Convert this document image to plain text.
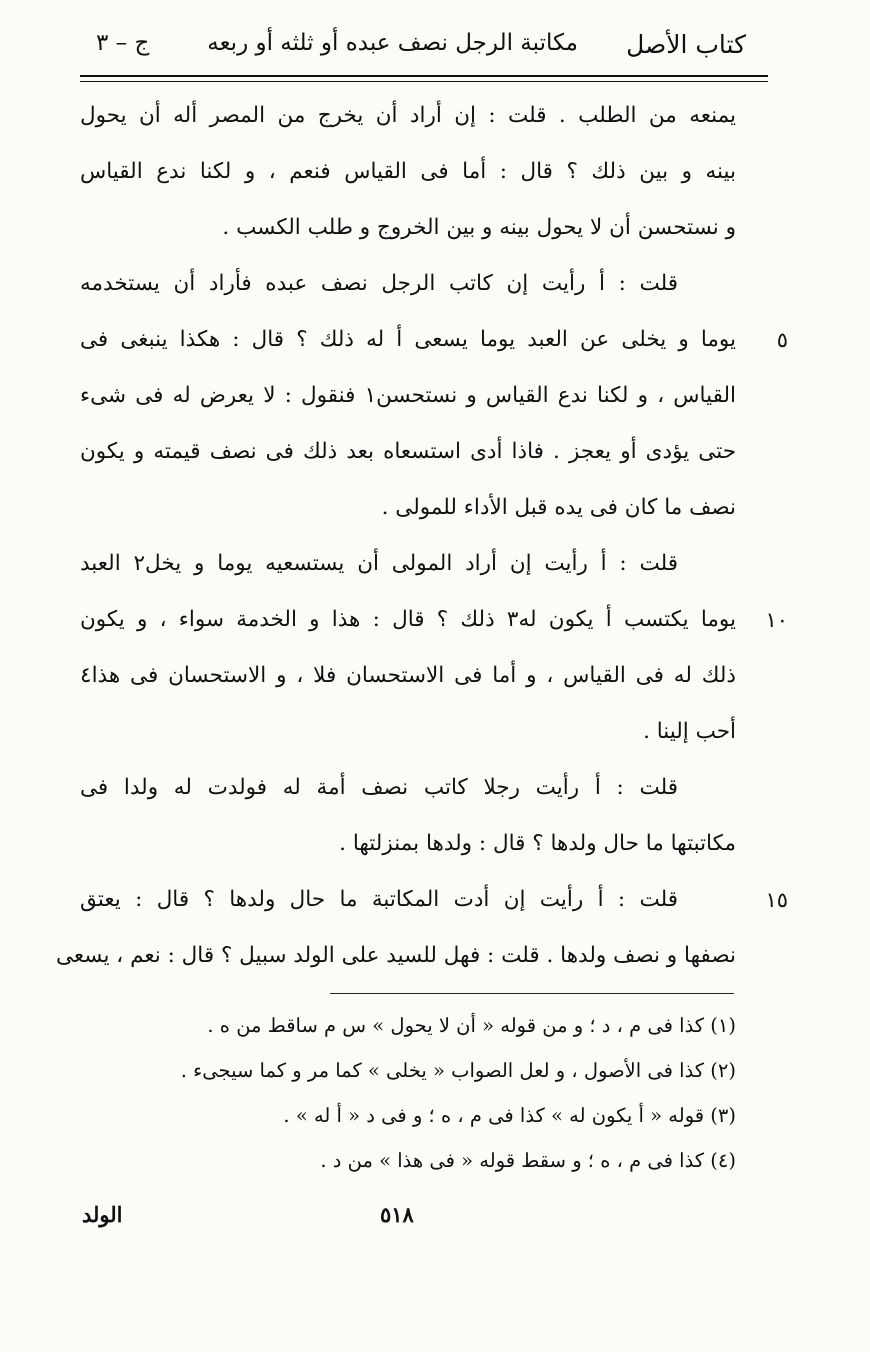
كتاب الأصل
مكاتبة الرجل نصف عبده أو ثلثه أو ربعه
ج – ٣
يمنعه من الطلب . قلت : إن أراد أن يخرج من المصر أله أن يحول
بينه و بين ذلك ؟ قال : أما فى القياس فنعم ، و لكنا ندع القياس
و نستحسن أن لا يحول بينه و بين الخروج و طلب الكسب .
قلت : أ رأيت إن كاتب الرجل نصف عبده فأراد أن يستخدمه
٥
يوما و يخلى عن العبد يوما يسعى أ له ذلك ؟ قال : هكذا ينبغى فى
القياس ، و لكنا ندع القياس و نستحسن١ فنقول : لا يعرض له فى شىء
حتى يؤدى أو يعجز . فاذا أدى استسعاه بعد ذلك فى نصف قيمته و يكون
نصف ما كان فى يده قبل الأداء للمولى .
قلت : أ رأيت إن أراد المولى أن يستسعيه يوما و يخل٢ العبد
١٠
يوما يكتسب أ يكون له٣ ذلك ؟ قال : هذا و الخدمة سواء ، و يكون
ذلك له فى القياس ، و أما فى الاستحسان فلا ، و الاستحسان فى هذا٤
أحب إلينا .
قلت : أ رأيت رجلا كاتب نصف أمة له فولدت له ولدا فى
مكاتبتها ما حال ولدها ؟ قال : ولدها بمنزلتها .
١٥
قلت : أ رأيت إن أدت المكاتبة ما حال ولدها ؟ قال : يعتق
نصفها و نصف ولدها . قلت : فهل للسيد على الولد سبيل ؟ قال : نعم ، يسعى
(١) كذا فى م ، د ؛ و من قوله « أن لا يحول » س م ساقط من ه .
(٢) كذا فى الأصول ، و لعل الصواب « يخلى » كما مر و كما سيجىء .
(٣) قوله « أ يكون له » كذا فى م ، ه ؛ و فى د « أ له » .
(٤) كذا فى م ، ه ؛ و سقط قوله « فى هذا » من د .
٥١٨
الولد
